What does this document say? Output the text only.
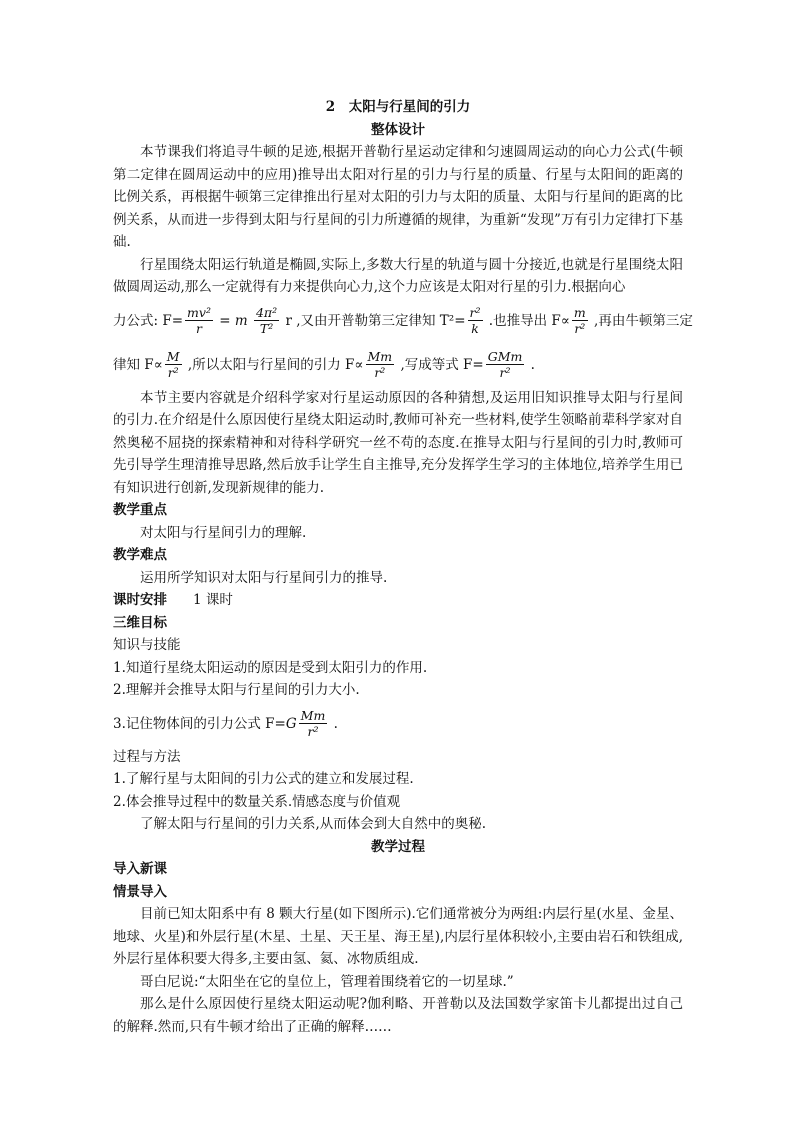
2　太阳与行星间的引力

整体设计

本节课我们将追寻牛顿的足迹,根据开普勒行星运动定律和匀速圆周运动的向心力公式(牛顿第二定律在圆周运动中的应用)推导出太阳对行星的引力与行星的质量、行星与太阳间的距离的比例关系，再根据牛顿第三定律推出行星对太阳的引力与太阳的质量、太阳与行星间的距离的比例关系，从而进一步得到太阳与行星间的引力所遵循的规律，为重新“发现”万有引力定律打下基础.

行星围绕太阳运行轨道是椭圆,实际上,多数大行星的轨道与圆十分接近,也就是行星围绕太阳做圆周运动,那么一定就得有力来提供向心力,这个力应该是太阳对行星的引力.根据向心

力公式: $F= \frac{\text{mv²}}{r} = m \frac{\text{4π²}}{\text{T²}}$ r ,又由开普勒第三定律知 $T^2= \frac{\text{r²}}{k}$ .也推导出 $F\propto \frac{m}{\text{r²}}$ ,再由牛顿第三定
律知 $F\propto \frac{M}{\text{r²}}$ ,所以太阳与行星间的引力 $F\propto \frac{Mm}{\text{r²}}$ ,写成等式 $F= \frac{\text{GMm}}{\text{r²}}$ .

本节主要内容就是介绍科学家对行星运动原因的各种猜想,及运用旧知识推导太阳与行星间的引力.在介绍是什么原因使行星绕太阳运动时,教师可补充一些材料,使学生领略前辈科学家对自然奥秘不屈挠的探索精神和对待科学研究一丝不苟的态度.在推导太阳与行星间的引力时,教师可先引导学生理清推导思路,然后放手让学生自主推导,充分发挥学生学习的主体地位,培养学生用已有知识进行创新,发现新规律的能力.

教学重点

对太阳与行星间引力的理解.

教学难点

运用所学知识对太阳与行星间引力的推导.

课时安排 1 课时

三维目标

知识与技能

1.知道行星绕太阳运动的原因是受到太阳引力的作用.

2.理解并会推导太阳与行星间的引力大小.

3.记住物体间的引力公式 F= G $\frac{Mm}{\text{r²}}$ .

过程与方法

1.了解行星与太阳间的引力公式的建立和发展过程.

2.体会推导过程中的数量关系.情感态度与价值观

了解太阳与行星间的引力关系,从而体会到大自然中的奥秘.

教学过程

导入新课

情景导入

目前已知太阳系中有 8 颗大行星(如下图所示).它们通常被分为两组:内层行星(水星、金星、地球、火星)和外层行星(木星、土星、天王星、海王星),内层行星体积较小,主要由岩石和铁组成,外层行星体积要大得多,主要由氢、氦、冰物质组成.

哥白尼说:“太阳坐在它的皇位上，管理着围绕着它的一切星球.”

那么是什么原因使行星绕太阳运动呢?伽利略、开普勒以及法国数学家笛卡儿都提出过自己的解释.然而,只有牛顿才给出了正确的解释……
